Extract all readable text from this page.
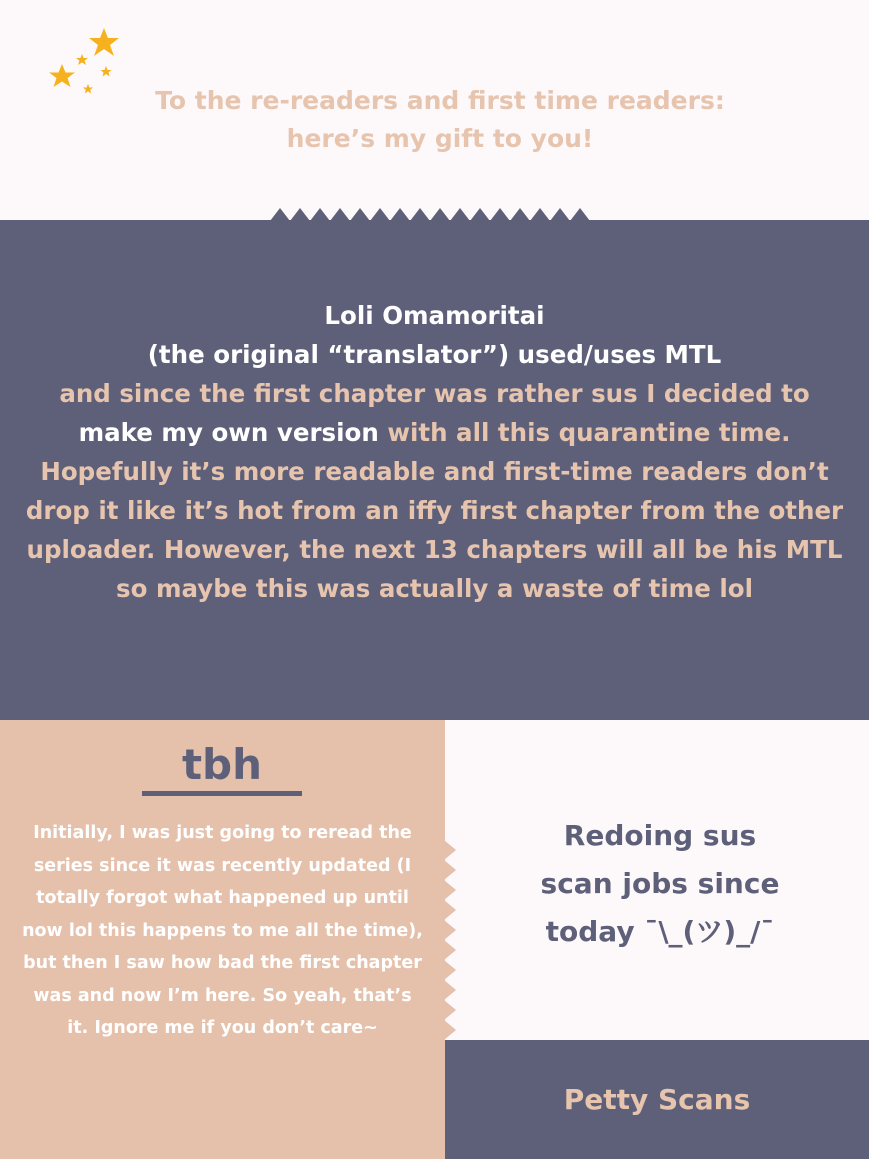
To the re-readers and first time readers:
here’s my gift to you!
Loli Omamoritai
(the original “translator”) used/uses MTL
and since the first chapter was rather sus I decided to make my own version with all this quarantine time. Hopefully it’s more readable and first-time readers don’t drop it like it’s hot from an iffy first chapter from the other uploader. However, the next 13 chapters will all be his MTL so maybe this was actually a waste of time lol
tbh
Initially, I was just going to reread the series since it was recently updated (I totally forgot what happened up until now lol this happens to me all the time), but then I saw how bad the first chapter was and now I’m here. So yeah, that’s it. Ignore me if you don’t care~
Redoing sus
scan jobs since
today ¯\_(ツ)_/¯
Petty Scans
